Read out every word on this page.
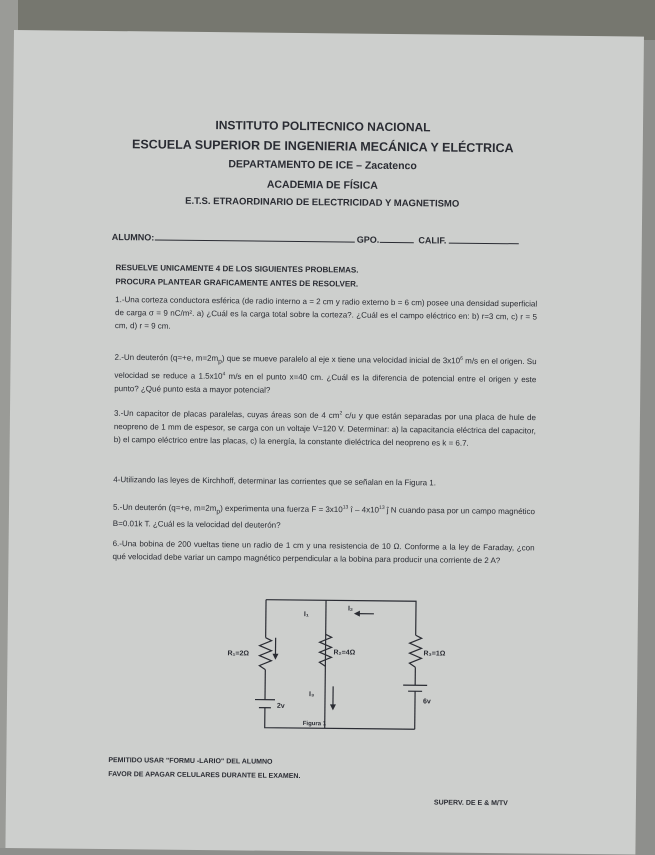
INSTITUTO POLITECNICO NACIONAL
ESCUELA SUPERIOR DE INGENIERIA MECÁNICA Y ELÉCTRICA
DEPARTAMENTO DE ICE – Zacatenco
ACADEMIA DE FÍSICA
E.T.S. ETRAORDINARIO DE ELECTRICIDAD Y MAGNETISMO
ALUMNO:	GPO.	CALIF.
RESUELVE UNICAMENTE 4 DE LOS SIGUIENTES PROBLEMAS.
PROCURA PLANTEAR GRAFICAMENTE ANTES DE RESOLVER.
1.-Una corteza conductora esférica (de radio interno a = 2 cm y radio externo b = 6 cm) posee una densidad superficial de carga σ = 9 nC/m². a) ¿Cuál es la carga total sobre la corteza?. ¿Cuál es el campo eléctrico en: b) r=3 cm, c) r = 5 cm, d) r = 9 cm.
2.-Un deuterón (q=+e, $m=2m_p$) que se mueve paralelo al eje x tiene una velocidad inicial de $3x10^6$ m/s en el origen. Su velocidad se reduce a $1.5x10^4$ m/s en el punto x=40 cm. ¿Cuál es la diferencia de potencial entre el origen y este punto? ¿Qué punto esta a mayor potencial?
3.-Un capacitor de placas paralelas, cuyas áreas son de 4 $cm^2$ c/u y que están separadas por una placa de hule de neopreno de 1 mm de espesor, se carga con un voltaje V=120 V. Determinar: a) la capacitancia eléctrica del capacitor, b) el campo eléctrico entre las placas, c) la energía, la constante dieléctrica del neopreno es k = 6.7.
4-Utilizando las leyes de Kirchhoff, determinar las corrientes que se señalan en la Figura 1.
5.-Un deuterón (q=+e, $m=2m_p$) experimenta una fuerza $F = 3x10^{13}$ î – $4x10^{13}$ ĵ N cuando pasa por un campo magnético B=0.01k T. ¿Cuál es la velocidad del deuterón?
6.-Una bobina de 200 vueltas tiene un radio de 1 cm y una resistencia de 10 Ω. Conforme a la ley de Faraday, ¿con qué velocidad debe variar un campo magnético perpendicular a la bobina para producir una corriente de 2 A?
R₁=2Ω	R₂=4Ω	R₃=1Ω
2v
6v
I₁
I₂
I₃
Figura 1
PEMITIDO USAR "FORMU -LARIO" DEL ALUMNO
FAVOR DE APAGAR CELULARES DURANTE EL EXAMEN.
SUPERV. DE E & M/TV
